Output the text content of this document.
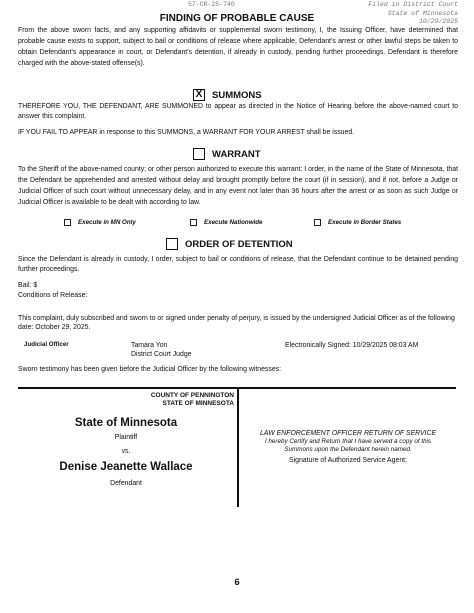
57-CR-25-740	Filed in District Court
State of Minnesota
10/29/2025
FINDING OF PROBABLE CAUSE
From the above sworn facts, and any supporting affidavits or supplemental sworn testimony, I, the Issuing Officer, have determined that probable cause exists to support, subject to bail or conditions of release where applicable, Defendant’s arrest or other lawful steps be taken to obtain Defendant’s appearance in court, or Defendant’s detention, if already in custody, pending further proceedings. Defendant is therefore charged with the above-stated offense(s).
X SUMMONS
THEREFORE YOU, THE DEFENDANT, ARE SUMMONED to appear as directed in the Notice of Hearing before the above-named court to answer this complaint.
IF YOU FAIL TO APPEAR in response to this SUMMONS, a WARRANT FOR YOUR ARREST shall be issued.
WARRANT
To the Sheriff of the above-named county; or other person authorized to execute this warrant: I order, in the name of the State of Minnesota, that the Defendant be apprehended and arrested without delay and brought promptly before the court (if in session), and if not, before a Judge or Judicial Officer of such court without unnecessary delay, and in any event not later than 36 hours after the arrest or as soon as such Judge or Judicial Officer is available to be dealt with according to law.
Execute in MN Only	Execute Nationwide	Execute in Border States
ORDER OF DETENTION
Since the Defendant is already in custody, I order, subject to bail or conditions of release, that the Defendant continue to be detained pending further proceedings.
Bail: $
Conditions of Release:
This complaint, duly subscribed and sworn to or signed under penalty of perjury, is issued by the undersigned Judicial Officer as of the following date: October 29, 2025.
Judicial Officer	Tamara Yon
District Court Judge
Electronically Signed: 10/29/2025 08:03 AM
Sworn testimony has been given before the Judicial Officer by the following witnesses:
COUNTY OF PENNINGTON
STATE OF MINNESOTA
State of Minnesota
Plaintiff
vs.
Denise Jeanette Wallace
Defendant
LAW ENFORCEMENT OFFICER RETURN OF SERVICE
I hereby Certify and Return that I have served a copy of this
Summons upon the Defendant herein named.
Signature of Authorized Service Agent:
6
